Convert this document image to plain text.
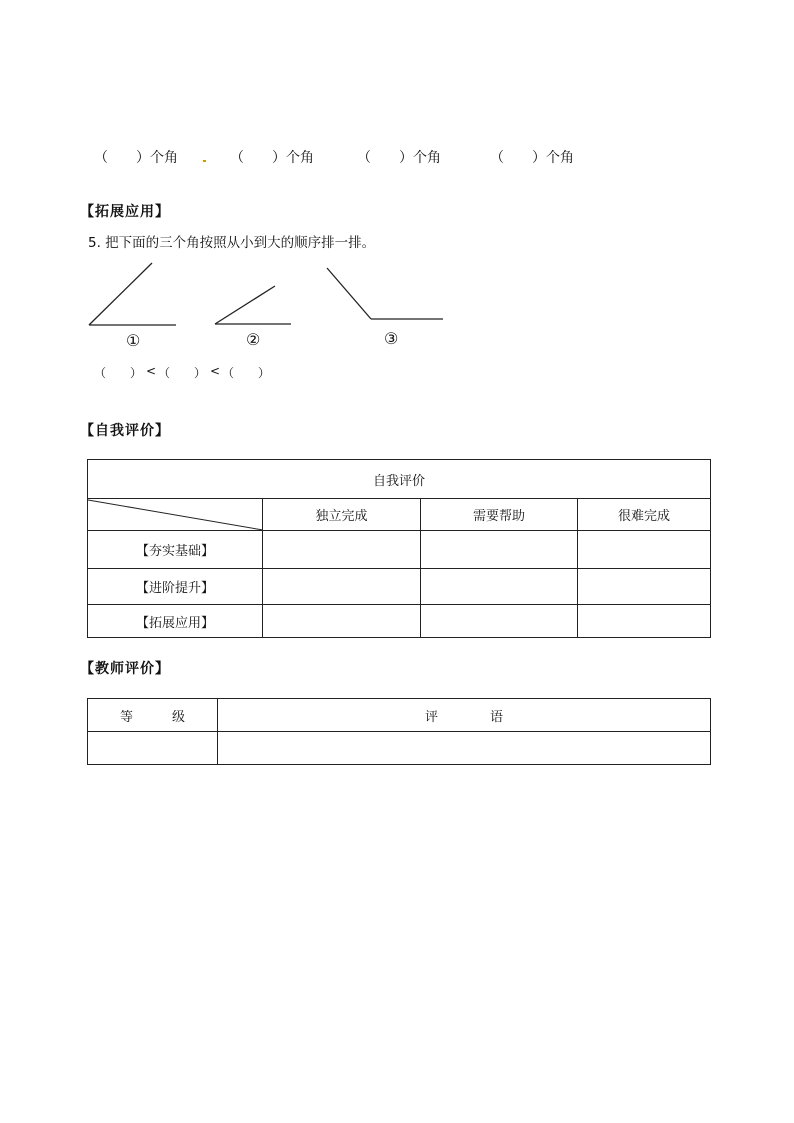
（　　）个角	（　　）个角	（　　）个角	（　　）个角
【拓展应用】
5. 把下面的三个角按照从小到大的顺序排一排。
①	②	③
（　　） < （　　） < （　　）
【自我评价】
自我评价			

	独立完成	需要帮助	很难完成
【夯实基础】			
【进阶提升】			
【拓展应用】			
【教师评价】
等　　　级	评　　　　语
